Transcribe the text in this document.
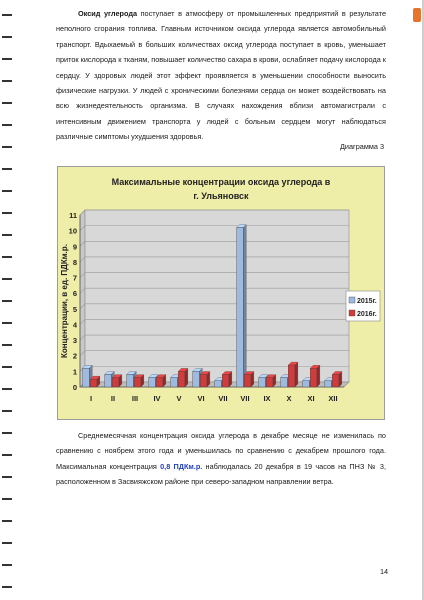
Оксид углерода поступает в атмосферу от промышленных предприятий в результате неполного сгорания топлива. Главным источником оксида углерода является автомобильный транспорт. Вдыхаемый в больших количествах оксид углерода поступает в кровь, уменьшает приток кислорода к тканям, повышает количество сахара в крови, ослабляет подачу кислорода к сердцу. У здоровых людей этот эффект проявляется в уменьшении способности выносить физические нагрузки. У людей с хроническими болезнями сердца он может воздействовать на всю жизнедеятельность организма. В случаях нахождения вблизи автомагистрали с интенсивным движением транспорта у людей с больным сердцем могут наблюдаться различные симптомы ухудшения здоровья.
Диаграмма 3
Максимальные концентрации оксида углерода в
г. Ульяновск
0
1
2
3
4
5
6
7
8
9
10
11
Концентрации, в ед. ПДКм.р.
I	II III IV V VI VII VII IX X XI XII
2015г.
2016г.
Среднемесячная концентрация оксида углерода в декабре месяце не изменилась по сравнению с ноябрем этого года и уменьшилась по сравнению с декабрем прошлого года. Максимальная концентрация 0,8 ПДКм.р. наблюдалась 20 декабря в 19 часов на ПНЗ № 3, расположенном в Засвияжском районе при северо-западном направлении ветра.
14
